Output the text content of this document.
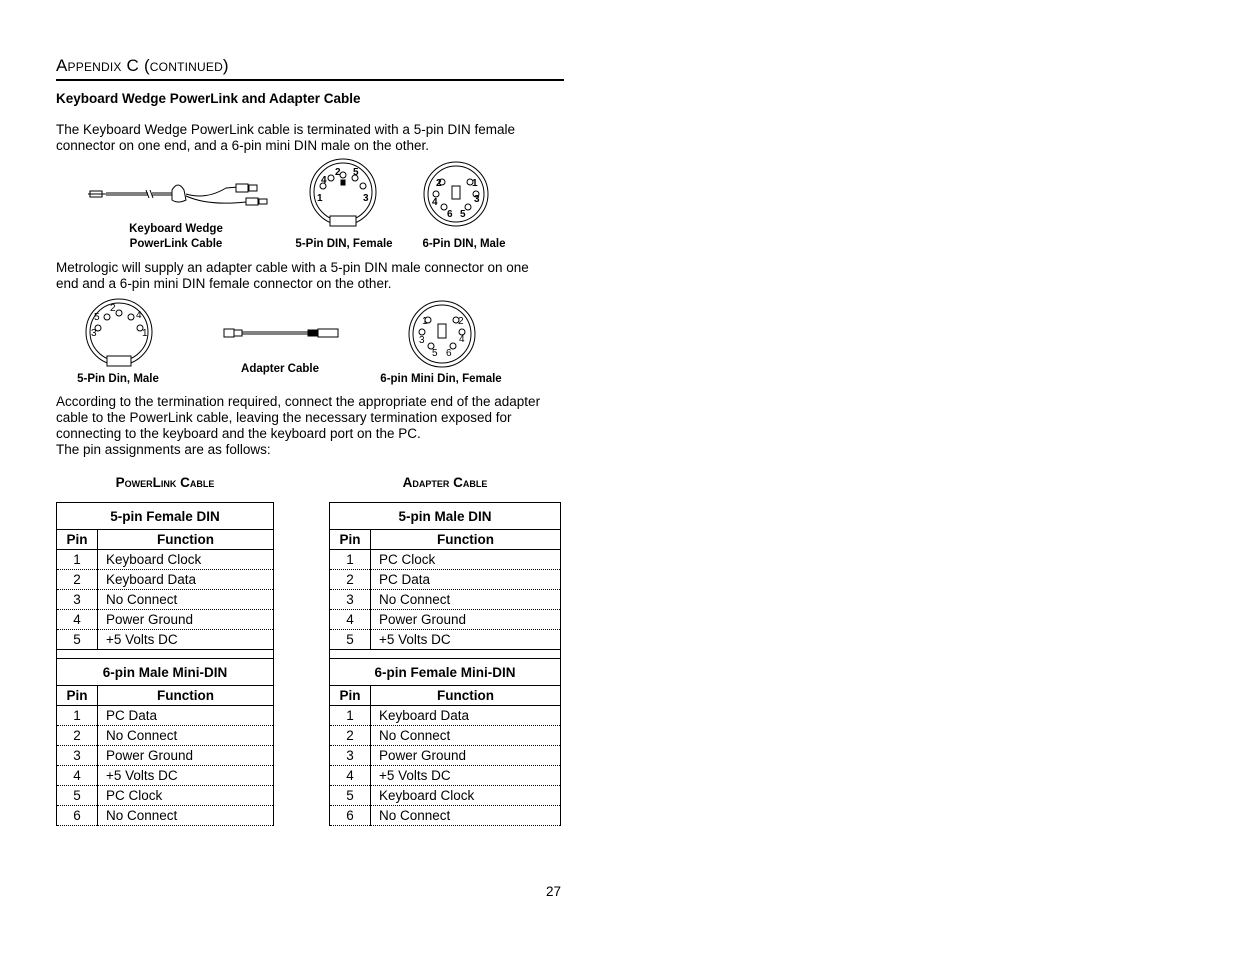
Appendix C (continued)
Keyboard Wedge PowerLink and Adapter Cable
The Keyboard Wedge PowerLink cable is terminated with a 5-pin DIN female
connector on one end, and a 6-pin mini DIN male on the other.
Keyboard Wedge
PowerLink Cable
4
2 5
1	3
5-Pin DIN, Female
2	1
4	3
6 5
6-Pin DIN, Male
Metrologic will supply an adapter cable with a 5-pin DIN male connector on one
end and a 6-pin mini DIN female connector on the other.
5
2
4
3	1
5-Pin Din, Male
Adapter Cable
1	2
3	4
5 6
6-pin Mini Din, Female
According to the termination required, connect the appropriate end of the adapter
cable to the PowerLink cable, leaving the necessary termination exposed for
connecting to the keyboard and the keyboard port on the PC.
The pin assignments are as follows:
PowerLink Cable	Adapter Cable
5-pin Female DIN	
Pin	Function
1	Keyboard Clock
2	Keyboard Data
3	No Connect
4	Power Ground
5	+5 Volts DC

6-pin Male Mini-DIN	
Pin	Function
1	PC Data
2	No Connect
3	Power Ground
4	+5 Volts DC
5	PC Clock
6	No Connect
5-pin Male DIN	
Pin	Function
1	PC Clock
2	PC Data
3	No Connect
4	Power Ground
5	+5 Volts DC

6-pin Female Mini-DIN	
Pin	Function
1	Keyboard Data
2	No Connect
3	Power Ground
4	+5 Volts DC
5	Keyboard Clock
6	No Connect
27
